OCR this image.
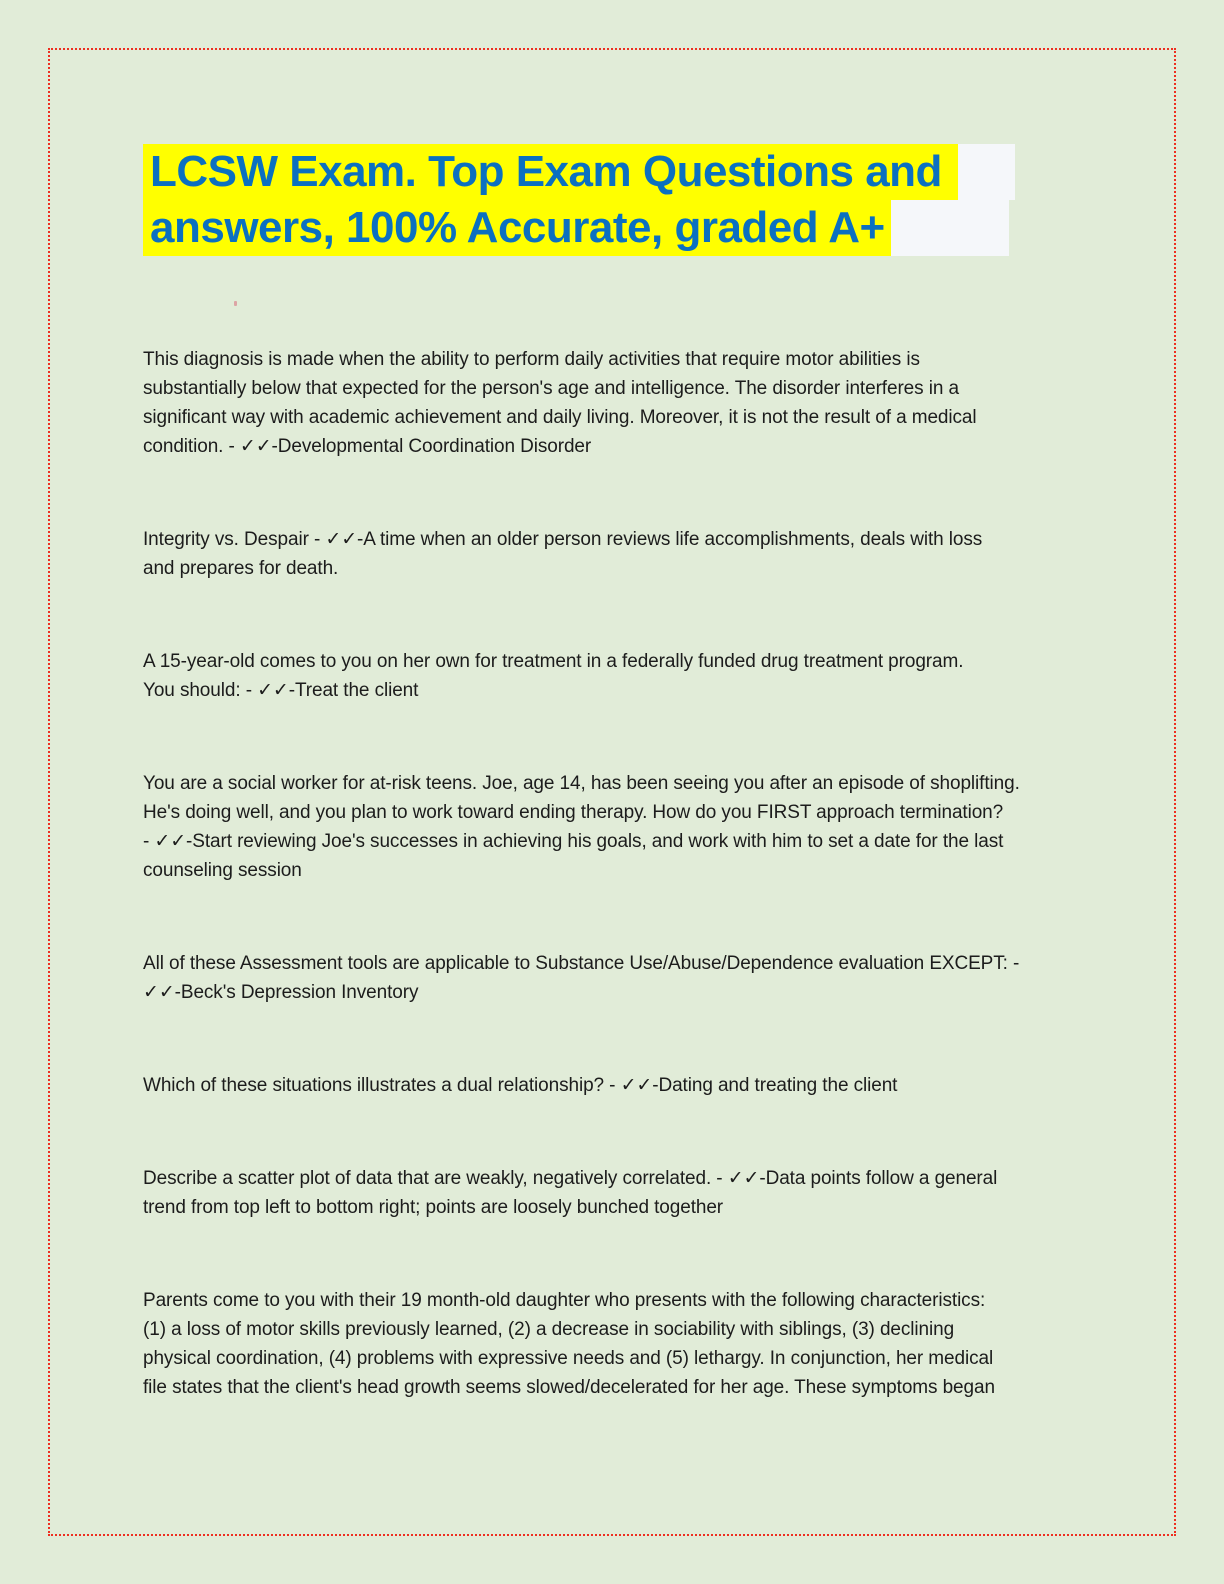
LCSW Exam. Top Exam Questions and
answers, 100% Accurate, graded A+

This diagnosis is made when the ability to perform daily activities that require motor abilities is
substantially below that expected for the person's age and intelligence. The disorder interferes in a
significant way with academic achievement and daily living. Moreover, it is not the result of a medical
condition. - ✓✓-Developmental Coordination Disorder

Integrity vs. Despair - ✓✓-A time when an older person reviews life accomplishments, deals with loss
and prepares for death.

A 15-year-old comes to you on her own for treatment in a federally funded drug treatment program.
You should: - ✓✓-Treat the client

You are a social worker for at-risk teens. Joe, age 14, has been seeing you after an episode of shoplifting.
He's doing well, and you plan to work toward ending therapy. How do you FIRST approach termination?
- ✓✓-Start reviewing Joe's successes in achieving his goals, and work with him to set a date for the last
counseling session

All of these Assessment tools are applicable to Substance Use/Abuse/Dependence evaluation EXCEPT: -
✓✓-Beck's Depression Inventory

Which of these situations illustrates a dual relationship? - ✓✓-Dating and treating the client

Describe a scatter plot of data that are weakly, negatively correlated. - ✓✓-Data points follow a general
trend from top left to bottom right; points are loosely bunched together

Parents come to you with their 19 month-old daughter who presents with the following characteristics:
(1) a loss of motor skills previously learned, (2) a decrease in sociability with siblings, (3) declining
physical coordination, (4) problems with expressive needs and (5) lethargy. In conjunction, her medical
file states that the client's head growth seems slowed/decelerated for her age. These symptoms began
